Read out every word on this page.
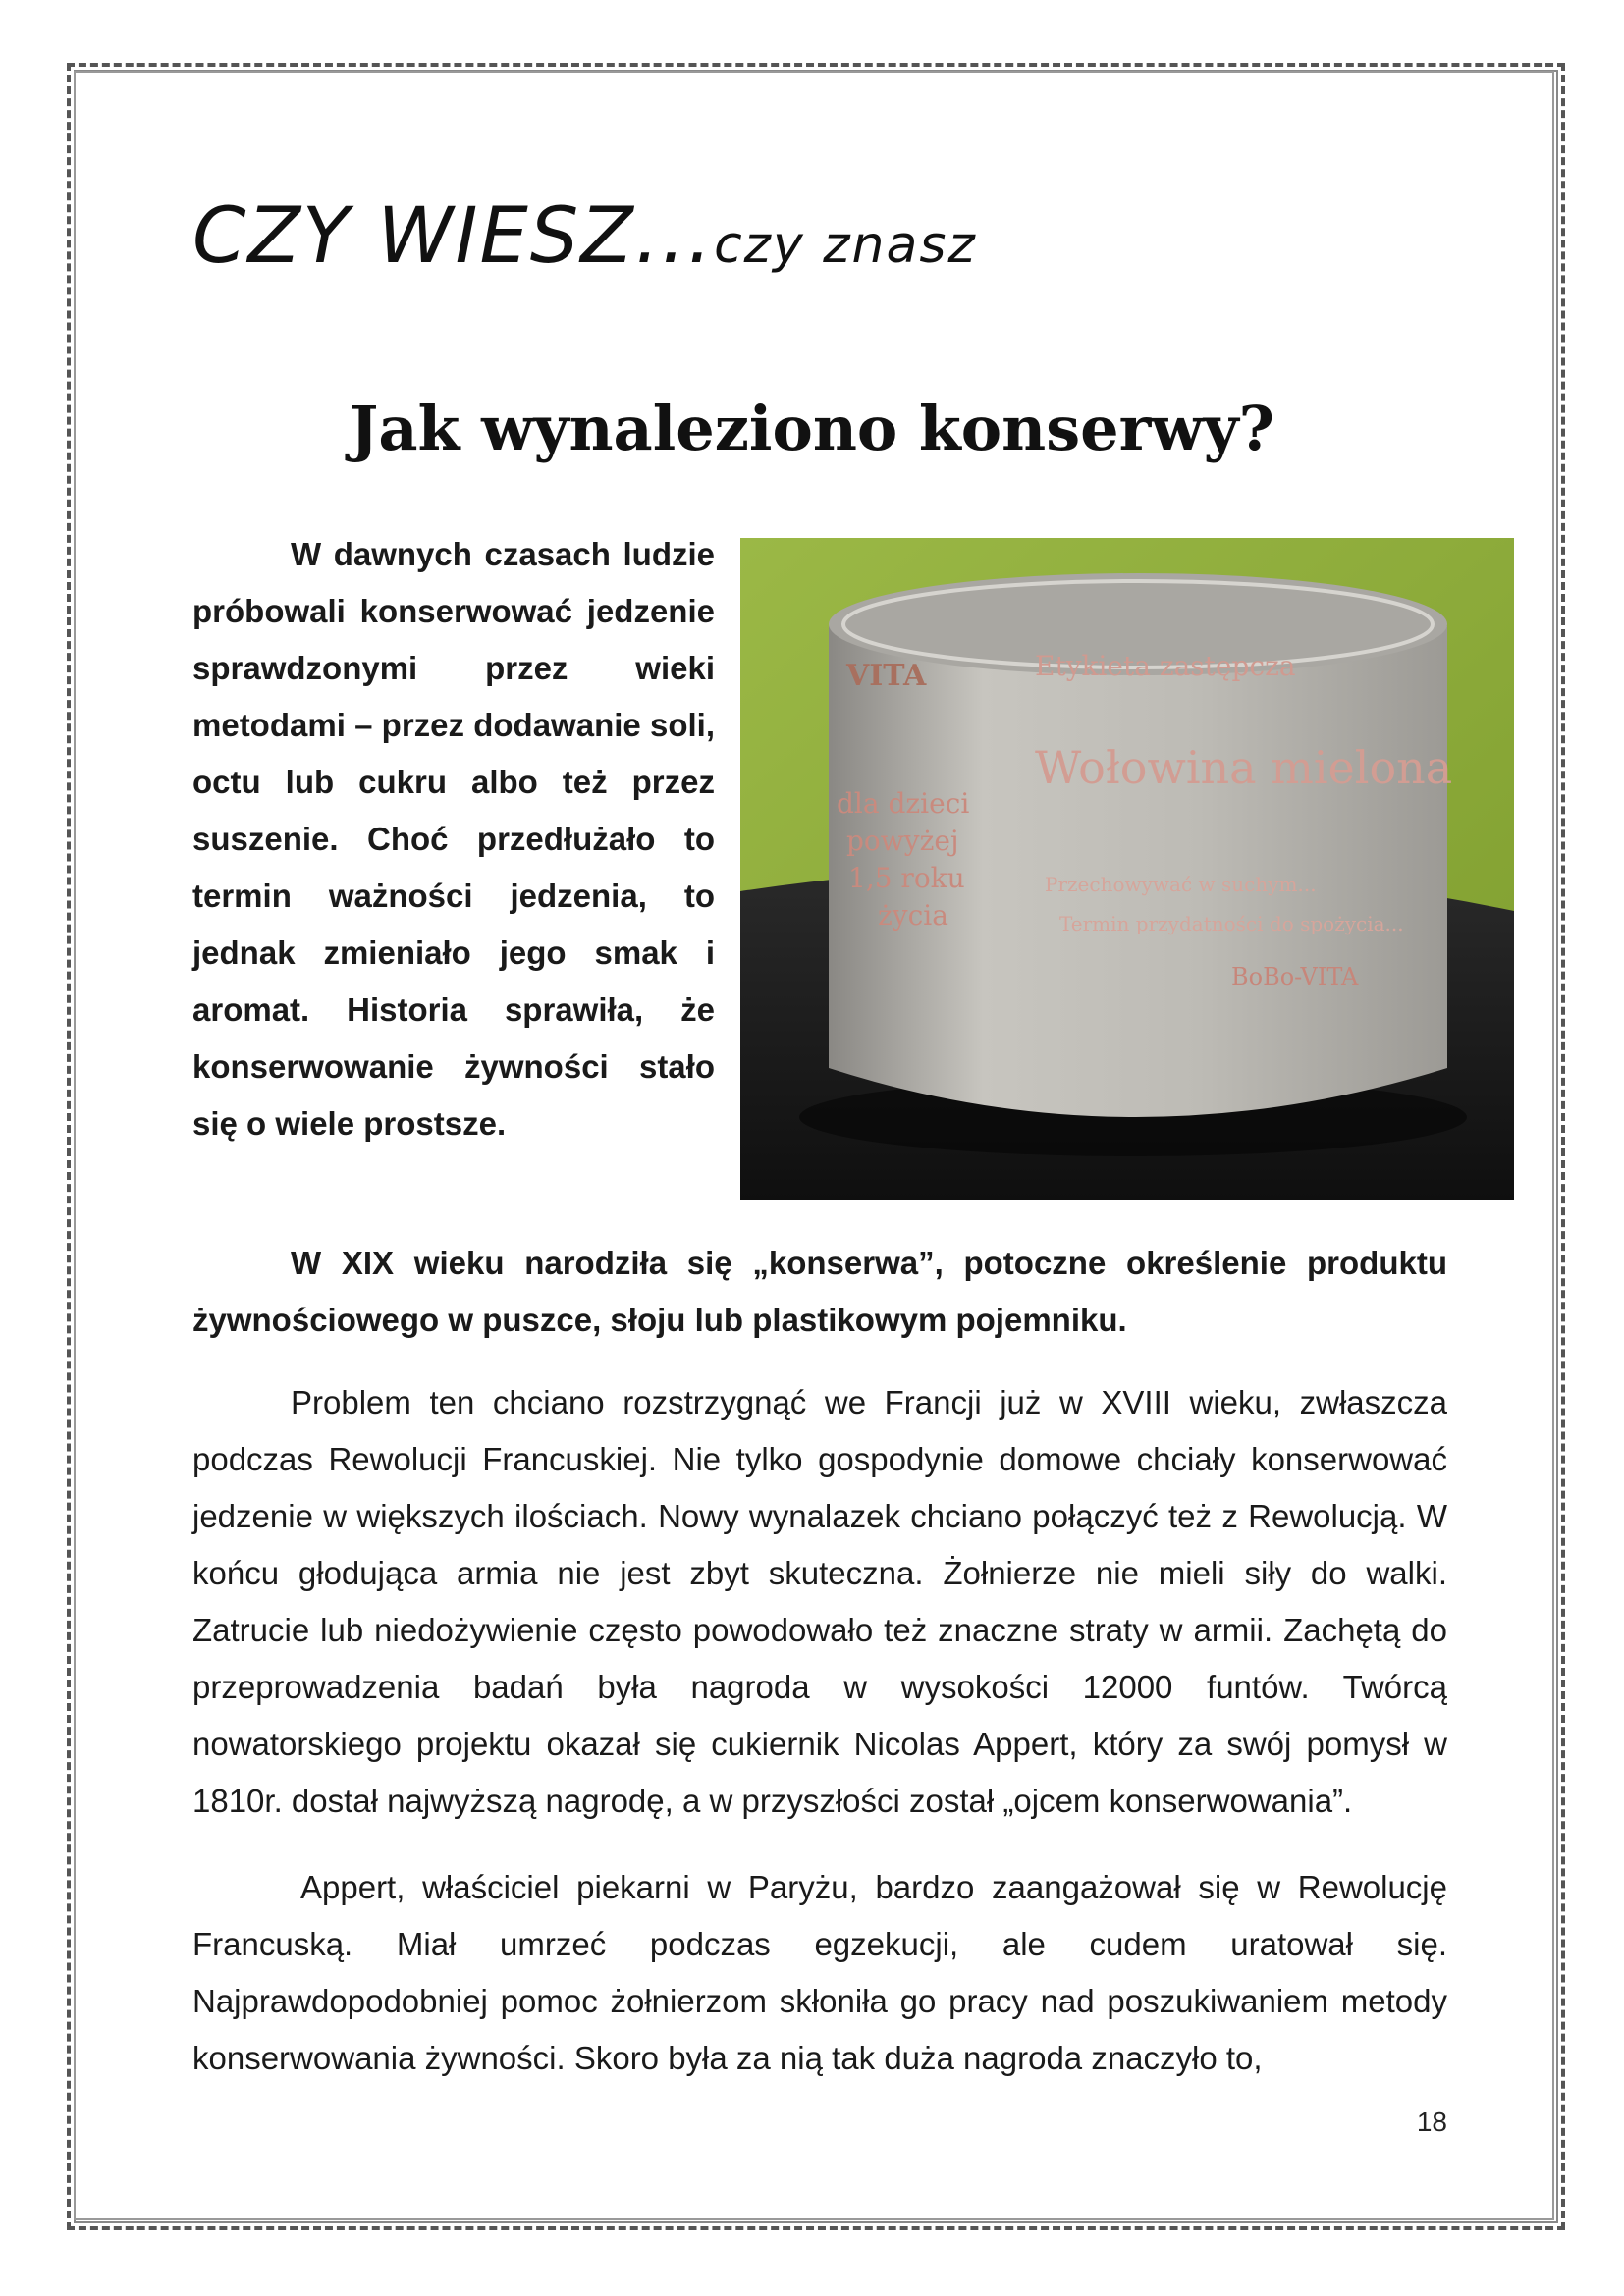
CZY WIESZ...czy znasz
Jak wynaleziono konserwy?

W dawnych czasach ludzie próbowali konserwować jedzenie sprawdzonymi przez wieki metodami – przez dodawanie soli, octu lub cukru albo też przez suszenie. Choć przedłużało to termin ważności jedzenia, to jednak zmieniało jego smak i aromat. Historia sprawiła, że konserwowanie żywności stało się o wiele prostsze.

VITA
dla dzieci
powyżej
1,5 roku
życia
Etykieta zastępcza
Wołowina mielona
Przechowywać w suchym...
Termin przydatności do spożycia...
BoBo-VITA

W XIX wieku narodziła się „konserwa”, potoczne określenie produktu żywnościowego w puszce, słoju lub plastikowym pojemniku.

Problem ten chciano rozstrzygnąć we Francji już w XVIII wieku, zwłaszcza podczas Rewolucji Francuskiej. Nie tylko gospodynie domowe chciały konserwować jedzenie w większych ilościach. Nowy wynalazek chciano połączyć też z Rewolucją. W końcu głodująca armia nie jest zbyt skuteczna. Żołnierze nie mieli siły do walki. Zatrucie lub niedożywienie często powodowało też znaczne straty w armii. Zachętą do przeprowadzenia badań była nagroda w wysokości 12000 funtów. Twórcą nowatorskiego projektu okazał się cukiernik Nicolas Appert, który za swój pomysł w 1810r. dostał najwyższą nagrodę, a w przyszłości został „ojcem konserwowania”.

Appert, właściciel piekarni w Paryżu, bardzo zaangażował się w Rewolucję Francuską. Miał umrzeć podczas egzekucji, ale cudem uratował się. Najprawdopodobniej pomoc żołnierzom skłoniła go pracy nad poszukiwaniem metody konserwowania żywności. Skoro była za nią tak duża nagroda znaczyło to,

18
